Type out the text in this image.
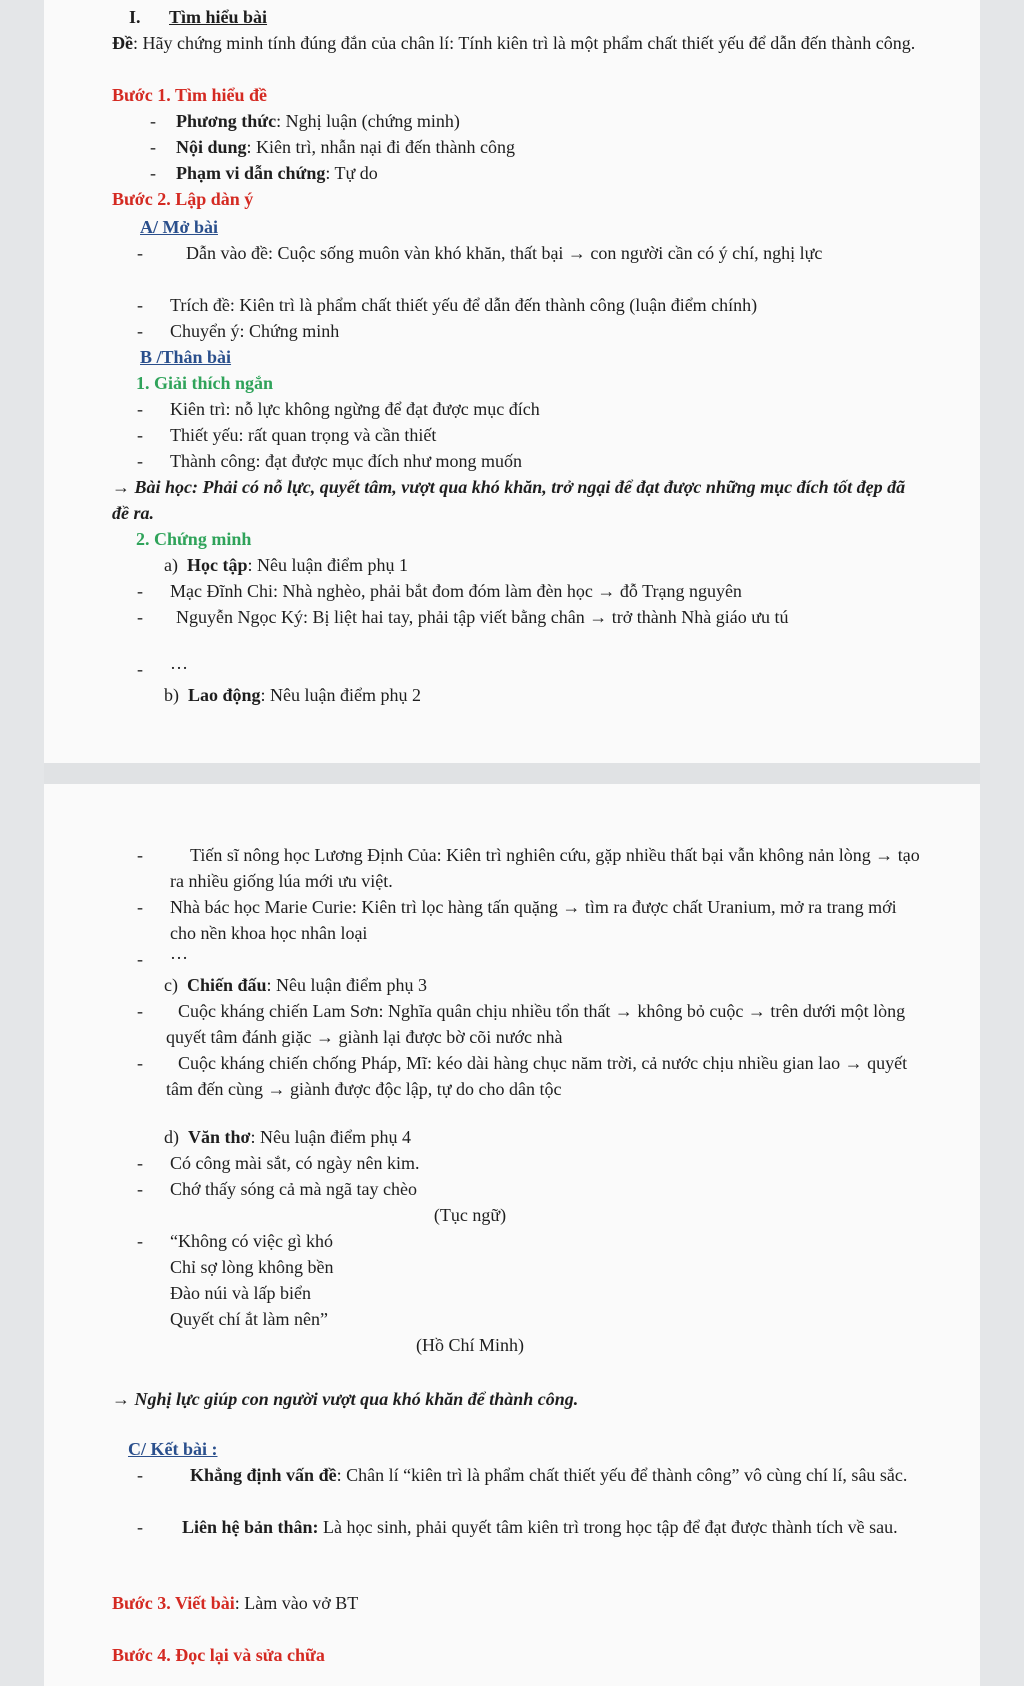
I. Tìm hiểu bài
Đề: Hãy chứng minh tính đúng đắn của chân lí: Tính kiên trì là một phẩm chất thiết yếu để dẫn đến thành công.
Bước 1. Tìm hiểu đề
- Phương thức: Nghị luận (chứng minh)
- Nội dung: Kiên trì, nhẫn nại đi đến thành công
- Phạm vi dẫn chứng: Tự do
Bước 2. Lập dàn ý
A/ Mở bài
-	Dẫn vào đề: Cuộc sống muôn vàn khó khăn, thất bại → con người cần có ý chí, nghị lực
- Trích đề: Kiên trì là phẩm chất thiết yếu để dẫn đến thành công (luận điểm chính)
- Chuyển ý: Chứng minh
B /Thân bài
1. Giải thích ngắn
- Kiên trì: nỗ lực không ngừng để đạt được mục đích
- Thiết yếu: rất quan trọng và cần thiết
- Thành công: đạt được mục đích như mong muốn
→ Bài học: Phải có nỗ lực, quyết tâm, vượt qua khó khăn, trở ngại để đạt được những mục đích tốt đẹp đã đề ra.
2. Chứng minh
a) Học tập: Nêu luận điểm phụ 1
- Mạc Đĩnh Chi: Nhà nghèo, phải bắt đom đóm làm đèn học → đỗ Trạng nguyên
-	Nguyễn Ngọc Ký: Bị liệt hai tay, phải tập viết bằng chân → trở thành Nhà giáo ưu tú
- …
b) Lao động: Nêu luận điểm phụ 2
-	Tiến sĩ nông học Lương Định Của: Kiên trì nghiên cứu, gặp nhiều thất bại vẫn không nản lòng → tạo ra nhiều giống lúa mới ưu việt.
- Nhà bác học Marie Curie: Kiên trì lọc hàng tấn quặng → tìm ra được chất Uranium, mở ra trang mới cho nền khoa học nhân loại
- …
c) Chiến đấu: Nêu luận điểm phụ 3
-	Cuộc kháng chiến Lam Sơn: Nghĩa quân chịu nhiều tổn thất → không bỏ cuộc → trên dưới một lòng quyết tâm đánh giặc → giành lại được bờ cõi nước nhà
-	Cuộc kháng chiến chống Pháp, Mĩ: kéo dài hàng chục năm trời, cả nước chịu nhiều gian lao → quyết tâm đến cùng → giành được độc lập, tự do cho dân tộc
d) Văn thơ: Nêu luận điểm phụ 4
- Có công mài sắt, có ngày nên kim.
- Chớ thấy sóng cả mà ngã tay chèo
(Tục ngữ)
- “Không có việc gì khó
Chỉ sợ lòng không bền
Đào núi và lấp biển
Quyết chí ắt làm nên”
(Hồ Chí Minh)
→ Nghị lực giúp con người vượt qua khó khăn để thành công.
C/ Kết bài :
-	Khẳng định vấn đề: Chân lí “kiên trì là phẩm chất thiết yếu để thành công” vô cùng chí lí, sâu sắc.
-	Liên hệ bản thân: Là học sinh, phải quyết tâm kiên trì trong học tập để đạt được thành tích về sau.
Bước 3. Viết bài: Làm vào vở BT
Bước 4. Đọc lại và sửa chữa
